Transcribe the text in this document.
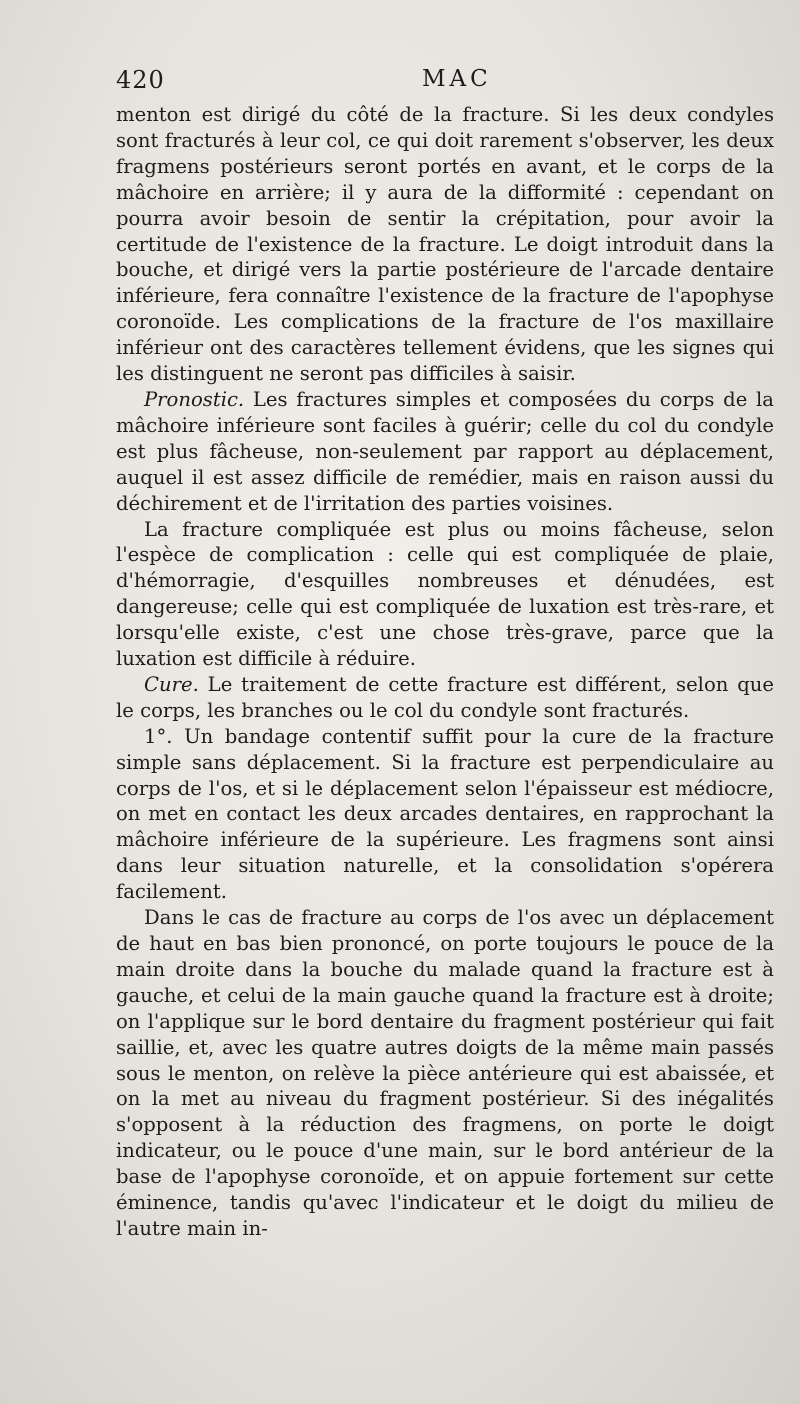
420	MAC

menton est dirigé du côté de la fracture. Si les deux condyles sont fracturés à leur col, ce qui doit rarement s'observer, les deux fragmens postérieurs seront portés en avant, et le corps de la mâchoire en arrière; il y aura de la difformité : cependant on pourra avoir besoin de sentir la crépitation, pour avoir la certitude de l'existence de la fracture. Le doigt introduit dans la bouche, et dirigé vers la partie postérieure de l'arcade dentaire inférieure, fera connaître l'existence de la fracture de l'apophyse coronoïde. Les complications de la fracture de l'os maxillaire inférieur ont des caractères tellement évidens, que les signes qui les distinguent ne seront pas difficiles à saisir.

Pronostic. Les fractures simples et composées du corps de la mâchoire inférieure sont faciles à guérir; celle du col du condyle est plus fâcheuse, non-seulement par rapport au déplacement, auquel il est assez difficile de remédier, mais en raison aussi du déchirement et de l'irritation des parties voisines.

La fracture compliquée est plus ou moins fâcheuse, selon l'espèce de complication : celle qui est compliquée de plaie, d'hémorragie, d'esquilles nombreuses et dénudées, est dangereuse; celle qui est compliquée de luxation est très-rare, et lorsqu'elle existe, c'est une chose très-grave, parce que la luxation est difficile à réduire.

Cure. Le traitement de cette fracture est différent, selon que le corps, les branches ou le col du condyle sont fracturés.

1°. Un bandage contentif suffit pour la cure de la fracture simple sans déplacement. Si la fracture est perpendiculaire au corps de l'os, et si le déplacement selon l'épaisseur est médiocre, on met en contact les deux arcades dentaires, en rapprochant la mâchoire inférieure de la supérieure. Les fragmens sont ainsi dans leur situation naturelle, et la consolidation s'opérera facilement.

Dans le cas de fracture au corps de l'os avec un déplacement de haut en bas bien prononcé, on porte toujours le pouce de la main droite dans la bouche du malade quand la fracture est à gauche, et celui de la main gauche quand la fracture est à droite; on l'applique sur le bord dentaire du fragment postérieur qui fait saillie, et, avec les quatre autres doigts de la même main passés sous le menton, on relève la pièce antérieure qui est abaissée, et on la met au niveau du fragment postérieur. Si des inégalités s'opposent à la réduction des fragmens, on porte le doigt indicateur, ou le pouce d'une main, sur le bord antérieur de la base de l'apophyse coronoïde, et on appuie fortement sur cette éminence, tandis qu'avec l'indicateur et le doigt du milieu de l'autre main in-
